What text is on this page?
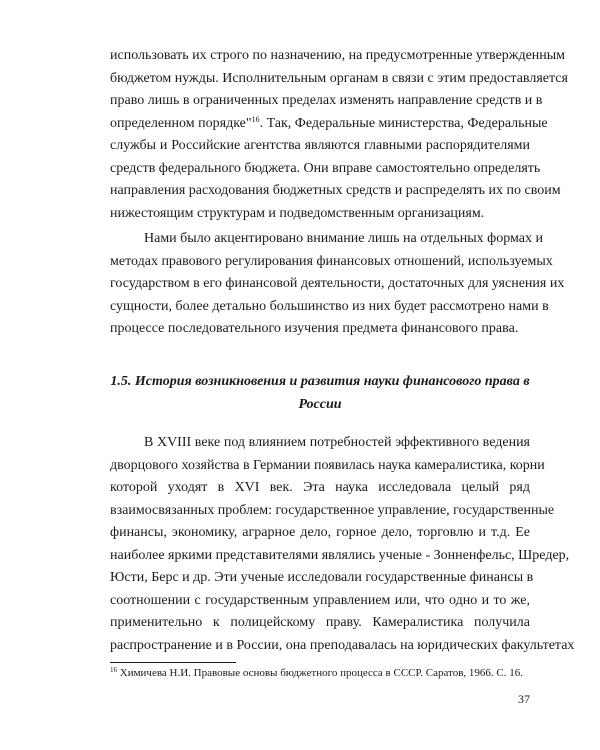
использовать их строго по назначению, на предусмотренные утвержденным
бюджетом нужды. Исполнительным органам в связи с этим предоставляется
право лишь в ограниченных пределах изменять направление средств и в
определенном порядке"$^{16}$. Так, Федеральные министерства, Федеральные
службы и Российские агентства являются главными распорядителями
средств федерального бюджета. Они вправе самостоятельно определять
направления расходования бюджетных средств и распределять их по своим
нижестоящим структурам и подведомственным организациям.
Нами было акцентировано внимание лишь на отдельных формах и
методах правового регулирования финансовых отношений, используемых
государством в его финансовой деятельности, достаточных для уяснения их
сущности, более детально большинство из них будет рассмотрено нами в
процессе последовательного изучения предмета финансового права.
1.5. История возникновения и развития науки финансового права в
России
В XVIII веке под влиянием потребностей эффективного ведения
дворцового хозяйства в Германии появилась наука камералистика, корни
которой уходят в XVI век. Эта наука исследовала целый ряд
взаимосвязанных проблем: государственное управление, государственные
финансы, экономику, аграрное дело, горное дело, торговлю и т.д. Ее
наиболее яркими представителями являлись ученые - Зонненфельс, Шредер,
Юсти, Берс и др. Эти ученые исследовали государственные финансы в
соотношении с государственным управлением или, что одно и то же,
применительно к полицейскому праву. Камералистика получила
распространение и в России, она преподавалась на юридических факультетах

$^{16}$ Химичева Н.И. Правовые основы бюджетного процесса в СССР. Саратов, 1966. С. 16.

37
